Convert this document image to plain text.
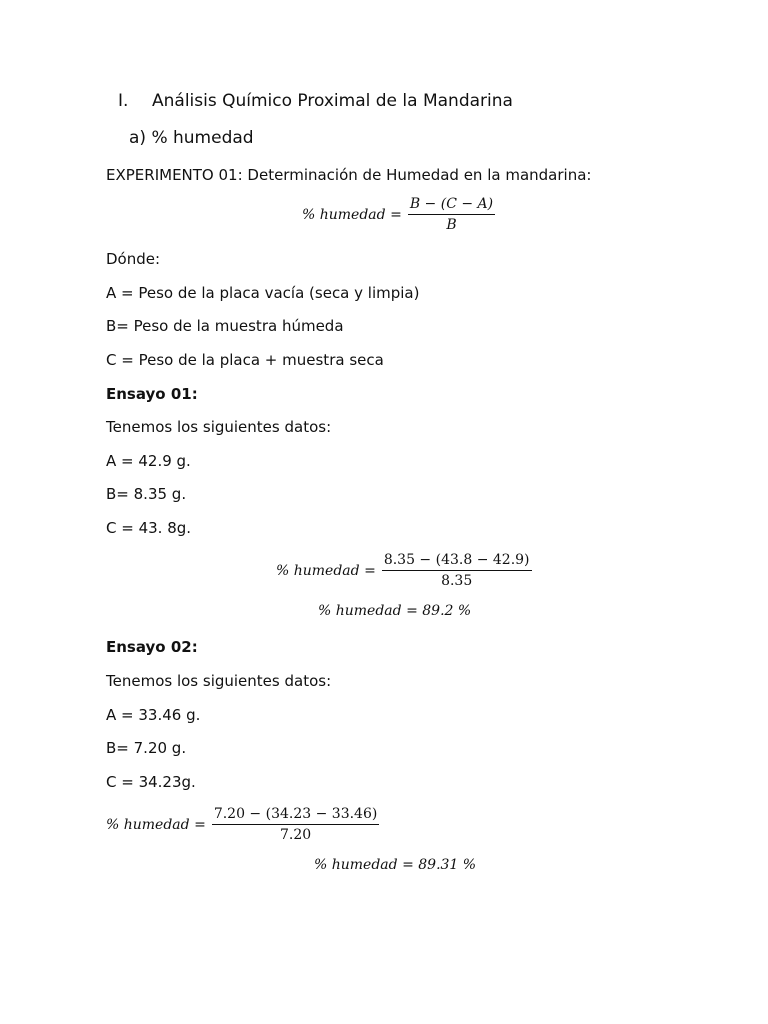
I. Análisis Químico Proximal de la Mandarina
a) % humedad
EXPERIMENTO 01: Determinación de Humedad en la mandarina:
% humedad = $\frac{B - (C - A)}{B}$
Dónde:
A = Peso de la placa vacía (seca y limpia)
B= Peso de la muestra húmeda
C = Peso de la placa + muestra seca
Ensayo 01:
Tenemos los siguientes datos:
A = 42.9 g.
B= 8.35 g.
C = 43. 8g.
% humedad = $\frac{8.35 - (43.8 - 42.9)}{8.35}$
% humedad = 89.2 %
Ensayo 02:
Tenemos los siguientes datos:
A = 33.46 g.
B= 7.20 g.
C = 34.23g.
% humedad = $\frac{7.20 - (34.23 - 33.46)}{7.20}$
% humedad = 89.31 %
